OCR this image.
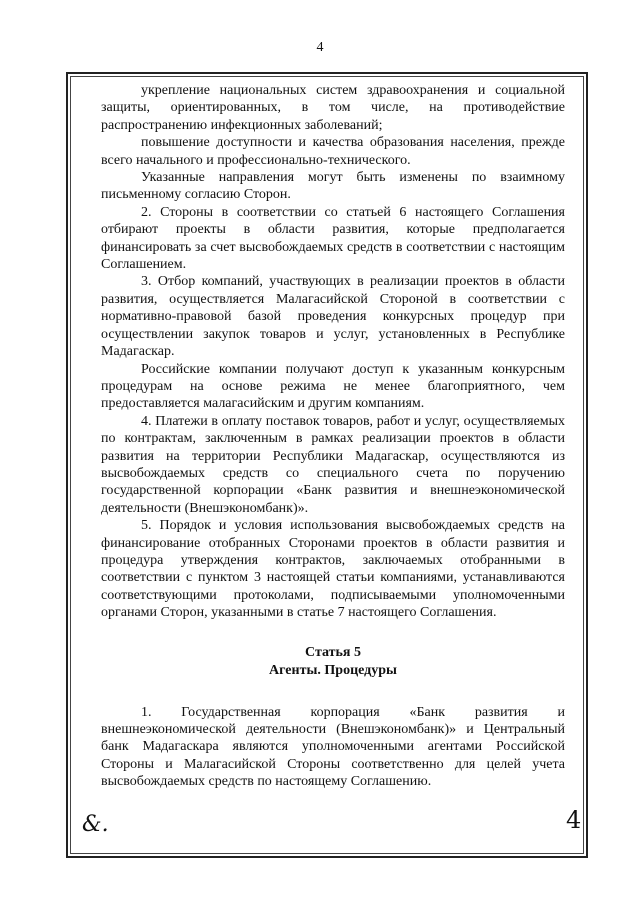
4

укрепление национальных систем здравоохранения и социальной защиты, ориентированных, в том числе, на противодействие распространению инфекционных заболеваний;

повышение доступности и качества образования населения, прежде всего начального и профессионально-технического.

Указанные направления могут быть изменены по взаимному письменному согласию Сторон.

2. Стороны в соответствии со статьей 6 настоящего Соглашения отбирают проекты в области развития, которые предполагается финансировать за счет высвобождаемых средств в соответствии с настоящим Соглашением.

3. Отбор компаний, участвующих в реализации проектов в области развития, осуществляется Малагасийской Стороной в соответствии с нормативно-правовой базой проведения конкурсных процедур при осуществлении закупок товаров и услуг, установленных в Республике Мадагаскар.

Российские компании получают доступ к указанным конкурсным процедурам на основе режима не менее благоприятного, чем предоставляется малагасийским и другим компаниям.

4. Платежи в оплату поставок товаров, работ и услуг, осуществляемых по контрактам, заключенным в рамках реализации проектов в области развития на территории Республики Мадагаскар, осуществляются из высвобождаемых средств со специального счета по поручению государственной корпорации «Банк развития и внешнеэкономической деятельности (Внешэкономбанк)».

5. Порядок и условия использования высвобождаемых средств на финансирование отобранных Сторонами проектов в области развития и процедура утверждения контрактов, заключаемых отобранными в соответствии с пунктом 3 настоящей статьи компаниями, устанавливаются соответствующими протоколами, подписываемыми уполномоченными органами Сторон, указанными в статье 7 настоящего Соглашения.

Статья 5
Агенты. Процедуры

1. Государственная корпорация «Банк развития и внешнеэкономической деятельности (Внешэкономбанк)» и Центральный банк Мадагаскара являются уполномоченными агентами Российской Стороны и Малагасийской Стороны соответственно для целей учета высвобождаемых средств по настоящему Соглашению.

&.	4
